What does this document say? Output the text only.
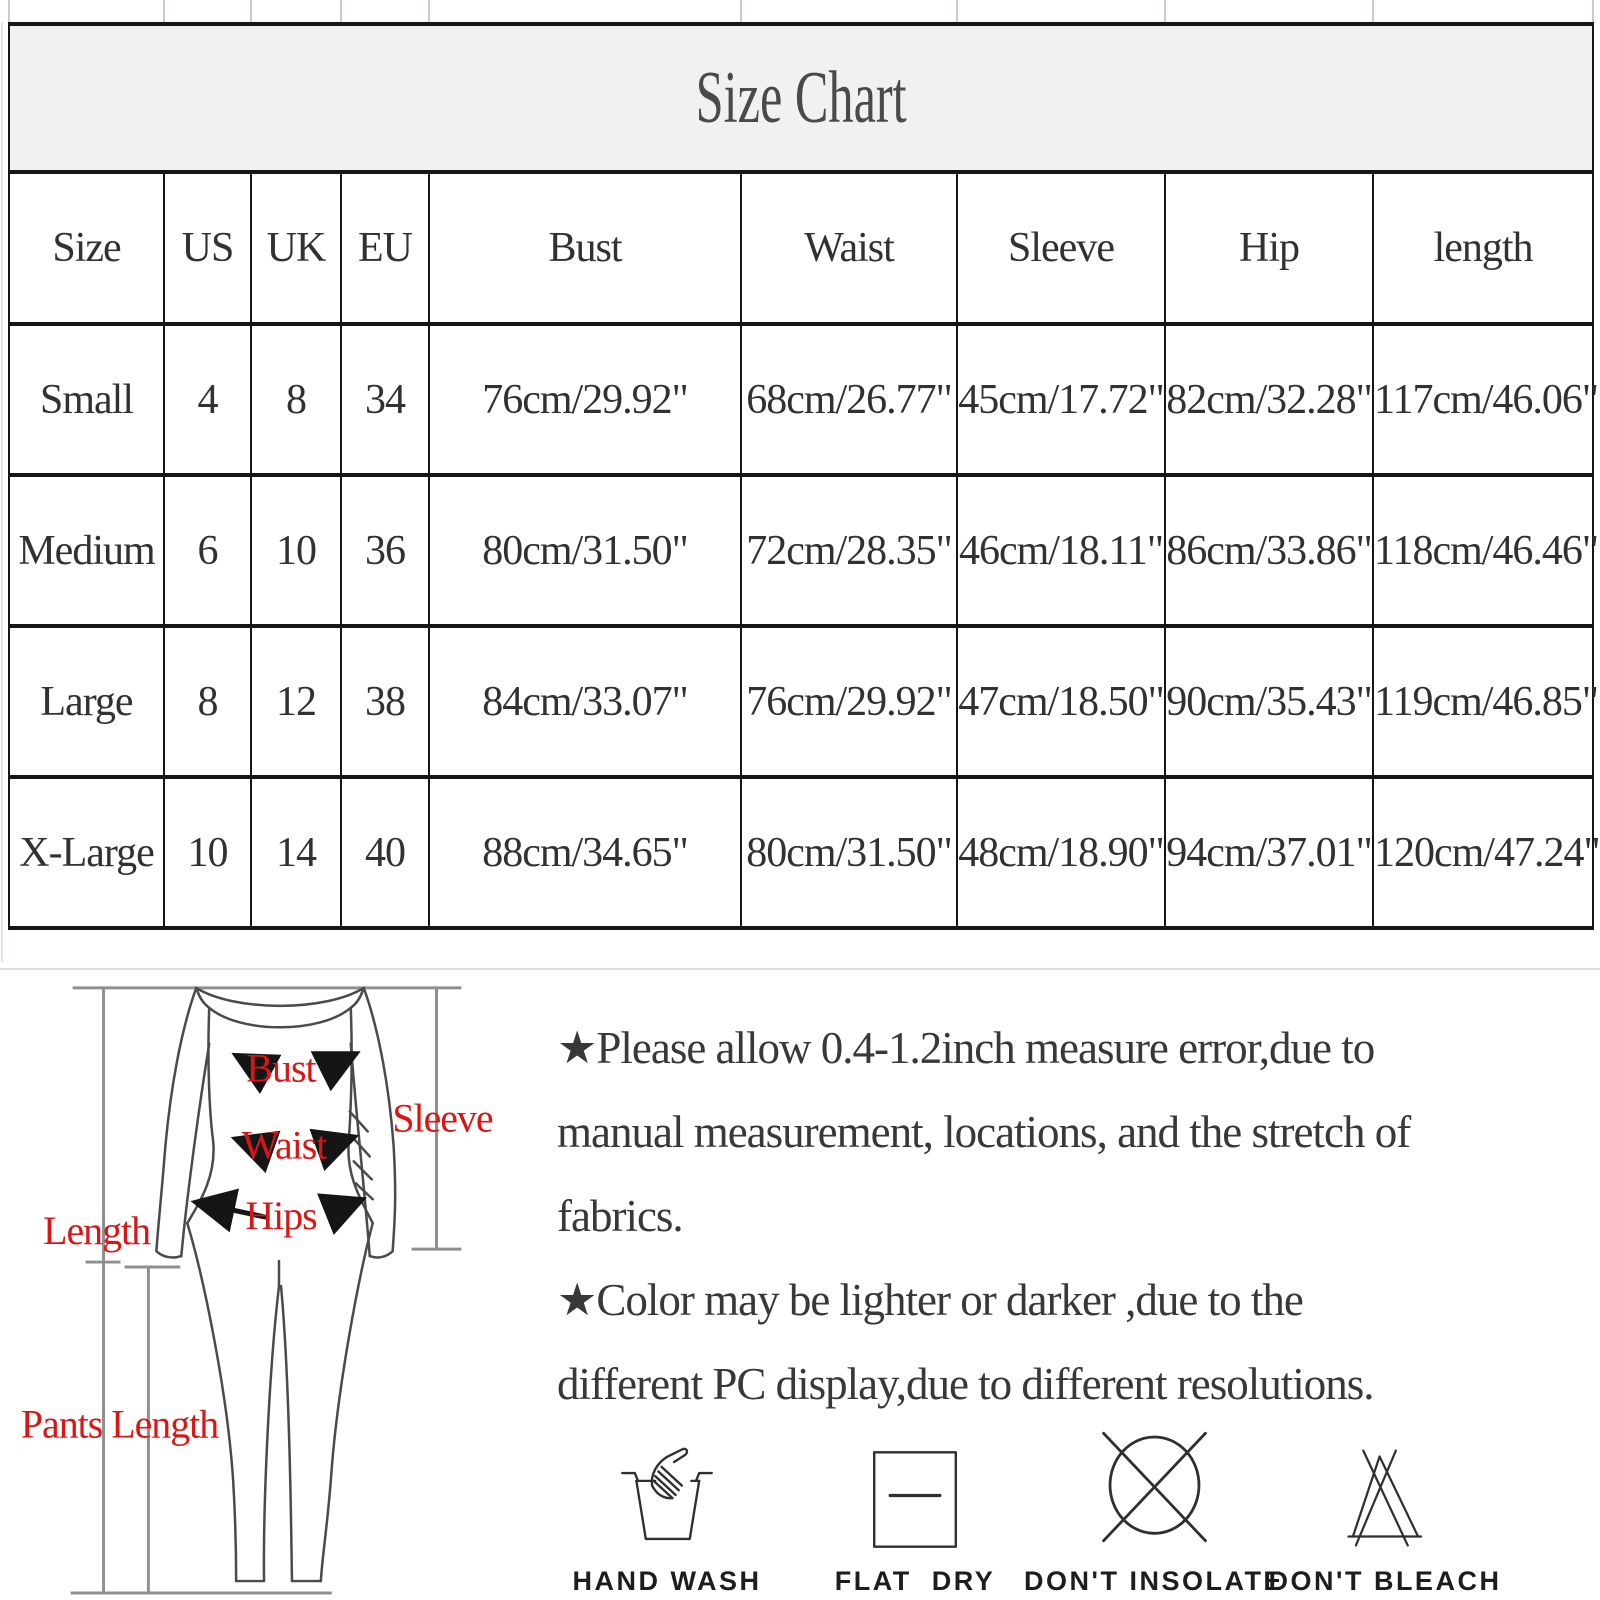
Size Chart								
Size	US	UK	EU	Bust	Waist	Sleeve	Hip	length
Small	4	8	34	76cm/29.92"	68cm/26.77"	45cm/17.72"	82cm/32.28"	117cm/46.06"
Medium	6	10	36	80cm/31.50"	72cm/28.35"	46cm/18.11"	86cm/33.86"	118cm/46.46"
Large	8	12	38	84cm/33.07"	76cm/29.92"	47cm/18.50"	90cm/35.43"	119cm/46.85"
X-Large	10	14	40	88cm/34.65"	80cm/31.50"	48cm/18.90"	94cm/37.01"	120cm/47.24"
Bust
Waist
Hips
Sleeve
Length
Pants Length
★Please allow 0.4-1.2inch measure error,due to
manual measurement, locations, and the stretch of
fabrics.
★Color may be lighter or darker ,due to the
different PC display,due to different resolutions.
HAND WASH	FLAT  DRY	DON'T INSOLATE
DON'T BLEACH
